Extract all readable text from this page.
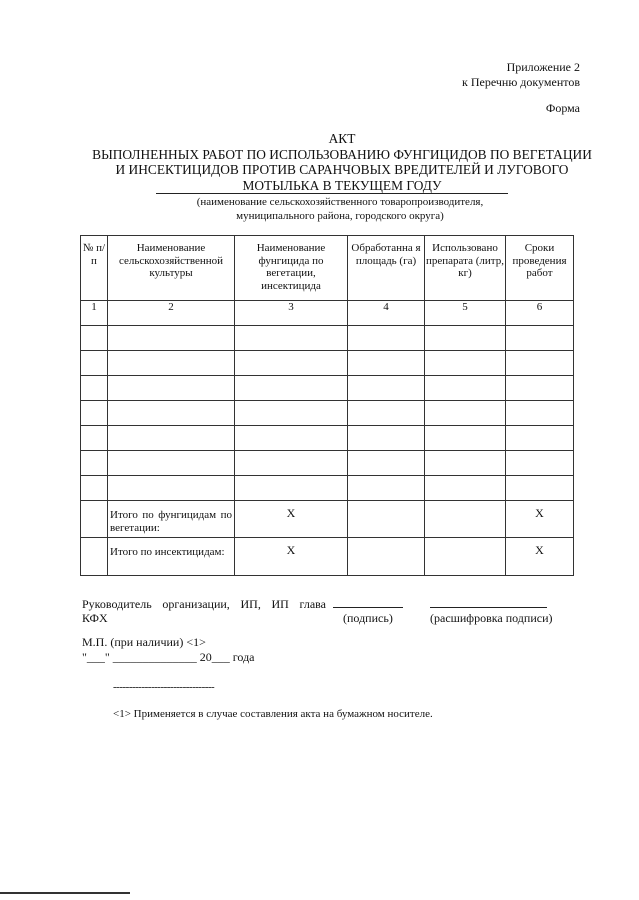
Приложение 2
к Перечню документов
Форма
АКТ
ВЫПОЛНЕННЫХ РАБОТ ПО ИСПОЛЬЗОВАНИЮ ФУНГИЦИДОВ ПО ВЕГЕТАЦИИ
И ИНСЕКТИЦИДОВ ПРОТИВ САРАНЧОВЫХ ВРЕДИТЕЛЕЙ И ЛУГОВОГО
МОТЫЛЬКА В ТЕКУЩЕМ ГОДУ
(наименование сельскохозяйственного товаропроизводителя,
муниципального района, городского округа)
№ п/п	Наименование сельскохозяйственной культуры	Наименование фунгицида по вегетации, инсектицида	Обработанна я площадь (га)	Использовано препарата (литр, кг)	Сроки проведения работ
1	2	3	4	5	6

	Итого по фунгицидам по вегетации:	X			X
	Итого по инсектицидам:	X			X
Руководитель организации, ИП, ИП глава
КФХ	(подпись)	(расшифровка подписи)
М.П. (при наличии) <1>
"___" ______________ 20___ года
--------------------------------
<1> Применяется в случае составления акта на бумажном носителе.
